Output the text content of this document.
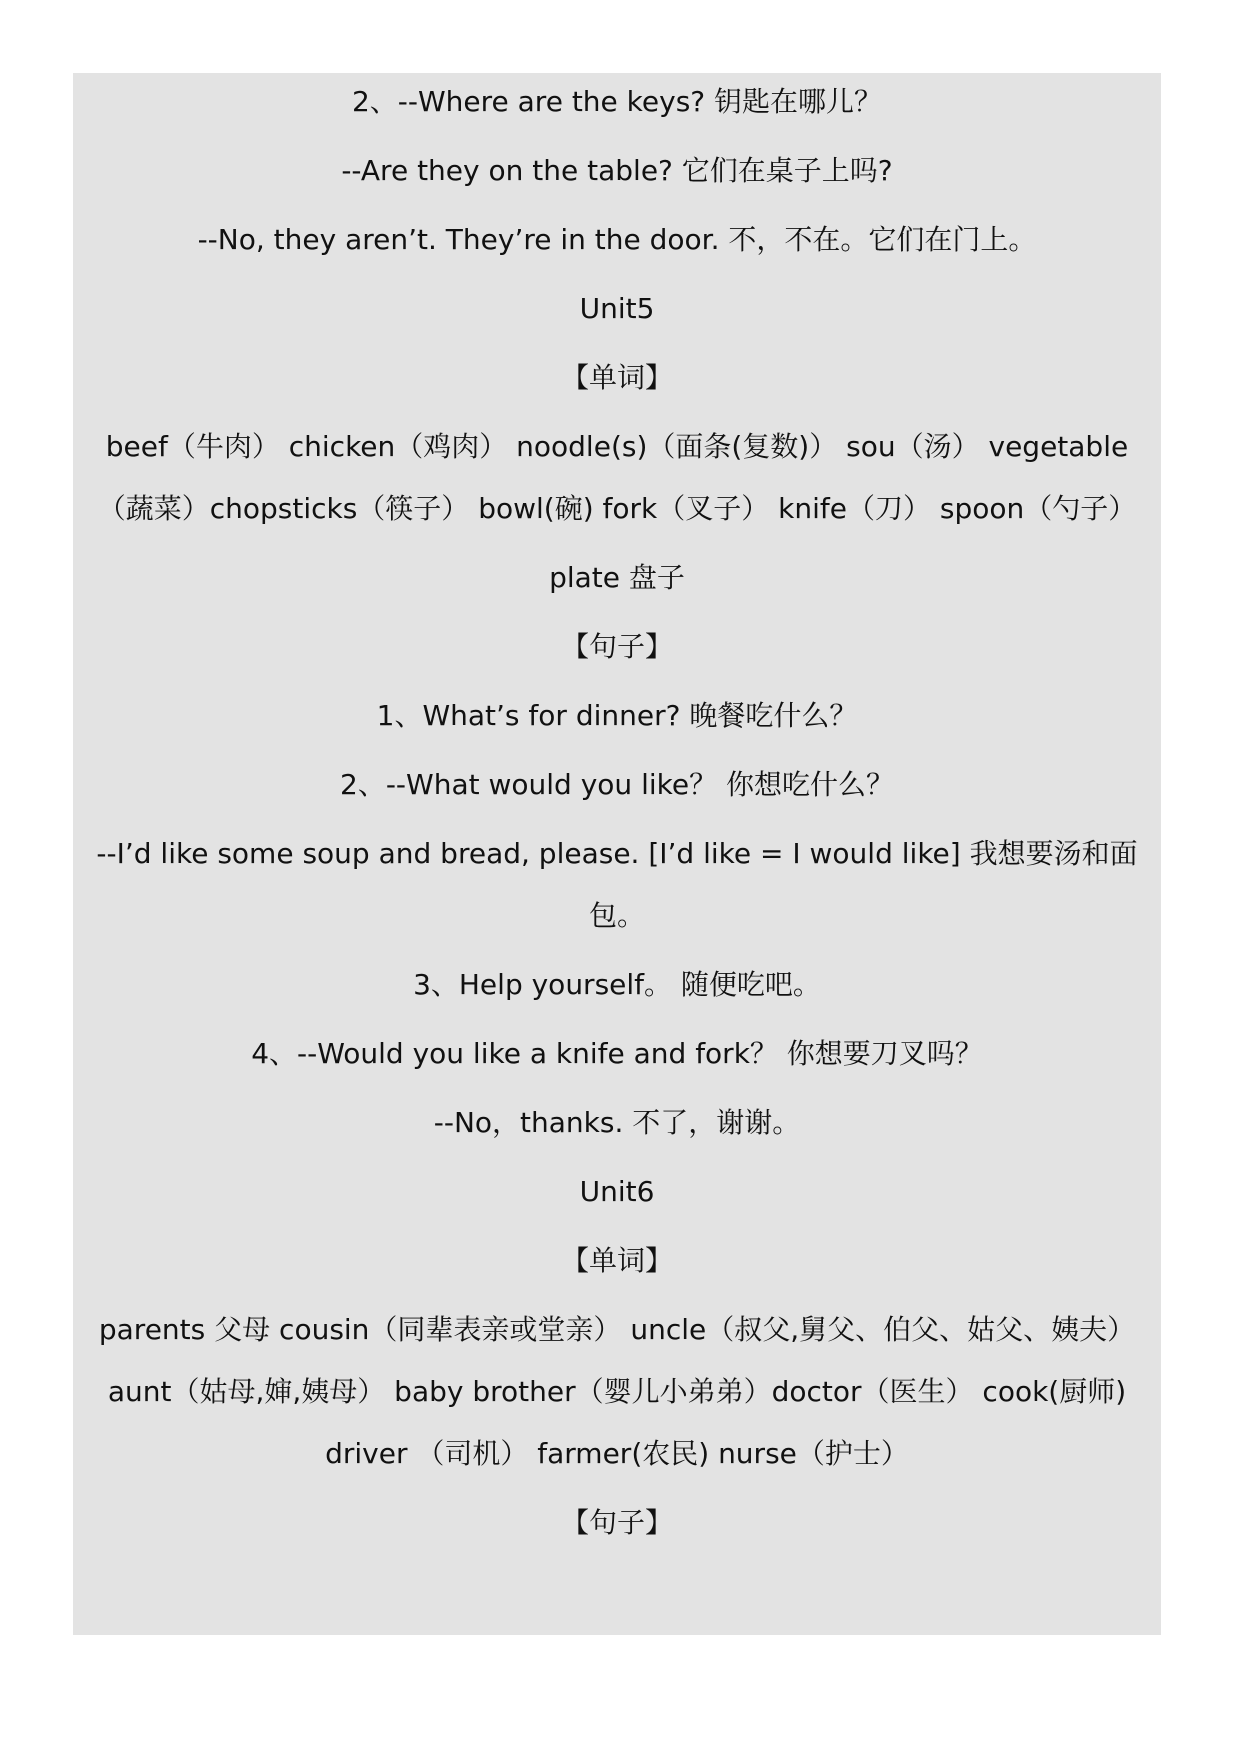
2、--Where are the keys? 钥匙在哪儿？
--Are they on the table? 它们在桌子上吗?
--No, they aren’t. They’re in the door. 不，不在。它们在门上。
Unit5
【单词】
beef（牛肉） chicken（鸡肉） noodle(s)（面条(复数)） sou（汤） vegetable
（蔬菜）chopsticks（筷子） bowl(碗) fork（叉子） knife（刀） spoon（勺子）
plate 盘子
【句子】
1、What’s for dinner? 晚餐吃什么？
2、--What would you like？ 你想吃什么？
--I’d like some soup and bread, please. [I’d like = I would like] 我想要汤和面
包。
3、Help yourself。 随便吃吧。
4、--Would you like a knife and fork？ 你想要刀叉吗？
--No，thanks. 不了，谢谢。
Unit6
【单词】
parents 父母 cousin（同辈表亲或堂亲） uncle（叔父,舅父、伯父、姑父、姨夫）
aunt（姑母,婶,姨母） baby brother（婴儿小弟弟）doctor（医生） cook(厨师)
driver （司机） farmer(农民) nurse（护士）
【句子】
